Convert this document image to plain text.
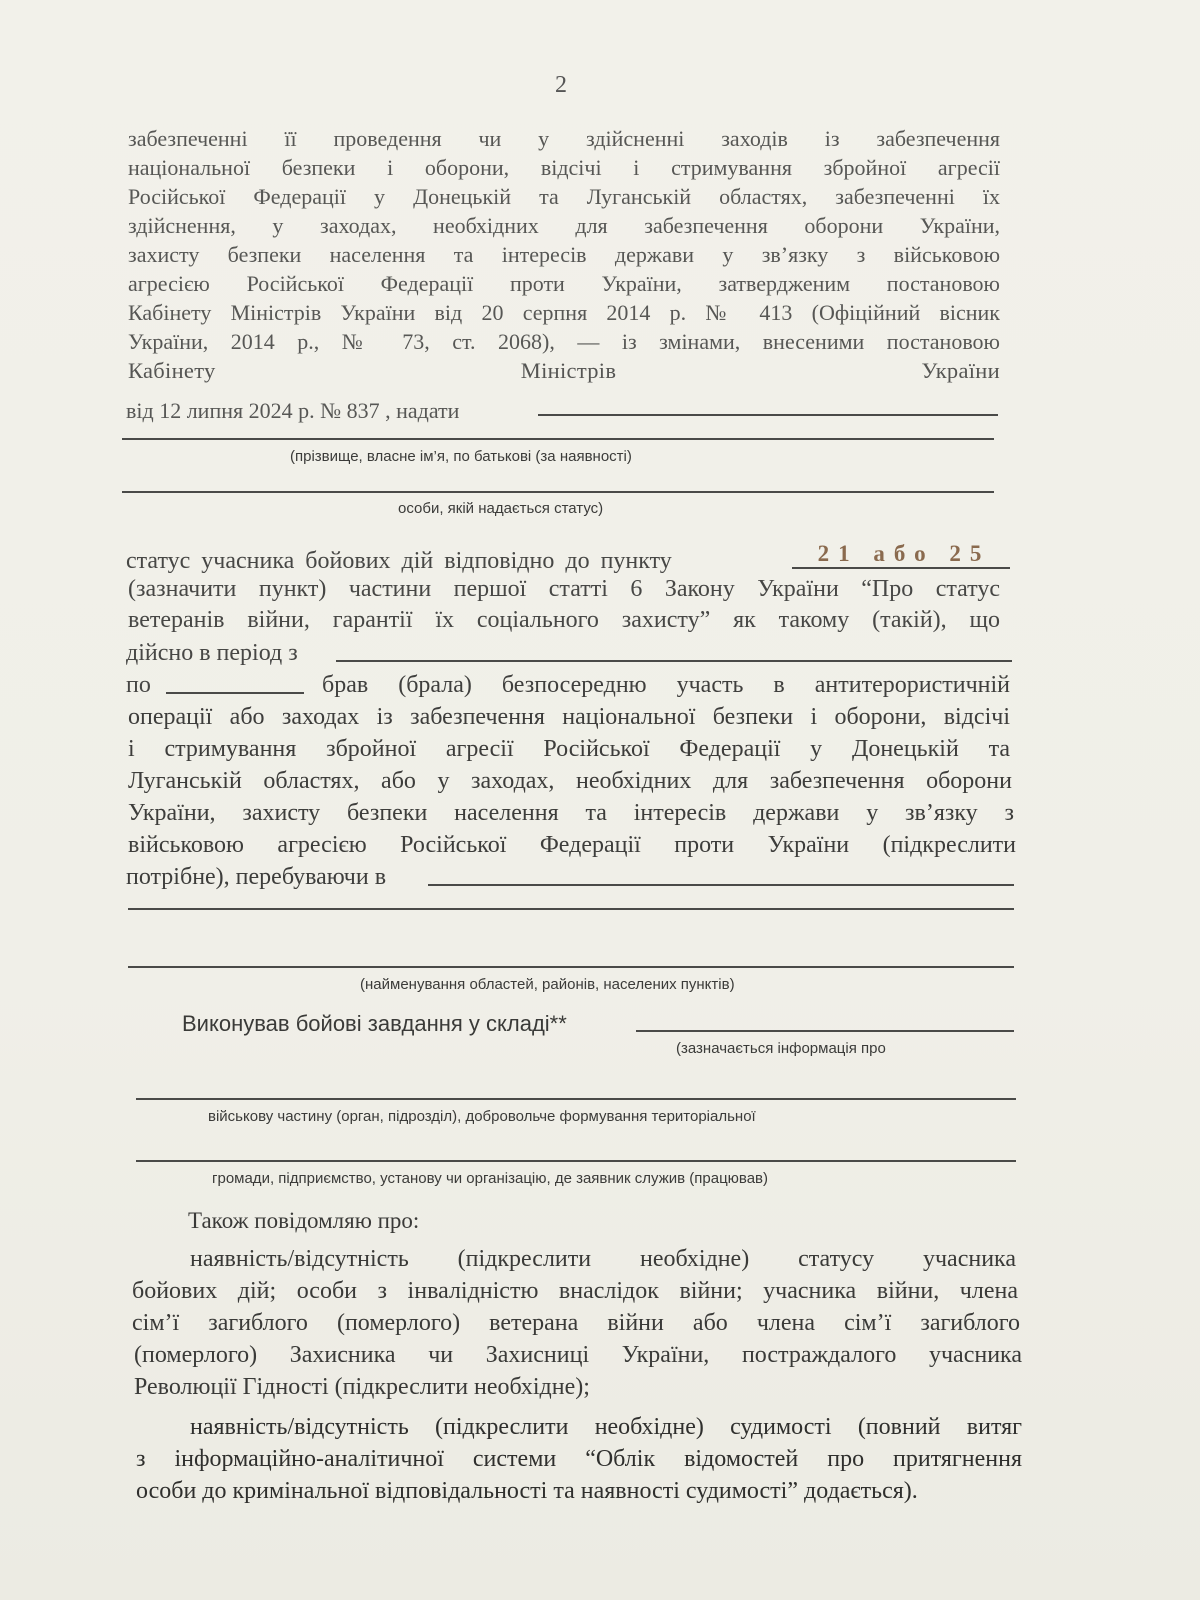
2
забезпеченні її проведення чи у здійсненні заходів із забезпечення
національної безпеки і оборони, відсічі і стримування збройної агресії
Російської Федерації у Донецькій та Луганській областях, забезпеченні їх
здійснення, у заходах, необхідних для забезпечення оборони України,
захисту безпеки населення та інтересів держави у зв’язку з військовою
агресією Російської Федерації проти України, затвердженим постановою
Кабінету Міністрів України від 20 серпня 2014 р. № 413 (Офіційний вісник
України, 2014 р., № 73, ст. 2068), — із змінами, внесеними постановою
Кабінету	Міністрів	України
від 12 липня 2024 р. № 837 , надати
(прізвище, власне ім’я, по батькові (за наявності)
особи, якій надається статус)
статус учасника бойових дій відповідно до пункту	21 або 25
(зазначити пункт) частини першої статті 6 Закону України “Про статус
ветеранів війни, гарантії їх соціального захисту” як такому (такій), що
дійсно в період з
по	брав (брала) безпосередню участь в антитерористичній
операції або заходах із забезпечення національної безпеки і оборони, відсічі
і стримування збройної агресії Російської Федерації у Донецькій та
Луганській областях, або у заходах, необхідних для забезпечення оборони
України, захисту безпеки населення та інтересів держави у зв’язку з
військовою агресією Російської Федерації проти України (підкреслити
потрібне), перебуваючи в
(найменування областей, районів, населених пунктів)
Виконував бойові завдання у складі**
(зазначається інформація про
військову частину (орган, підрозділ), добровольче формування територіальної
громади, підприємство, установу чи організацію, де заявник служив (працював)
Також повідомляю про:
наявність/відсутність (підкреслити необхідне) статусу учасника
бойових дій; особи з інвалідністю внаслідок війни; учасника війни, члена
сім’ї загиблого (померлого) ветерана війни або члена сім’ї загиблого
(померлого) Захисника чи Захисниці України, постраждалого учасника
Революції Гідності (підкреслити необхідне);
наявність/відсутність (підкреслити необхідне) судимості (повний витяг
з інформаційно-аналітичної системи “Облік відомостей про притягнення
особи до кримінальної відповідальності та наявності судимості” додається).
